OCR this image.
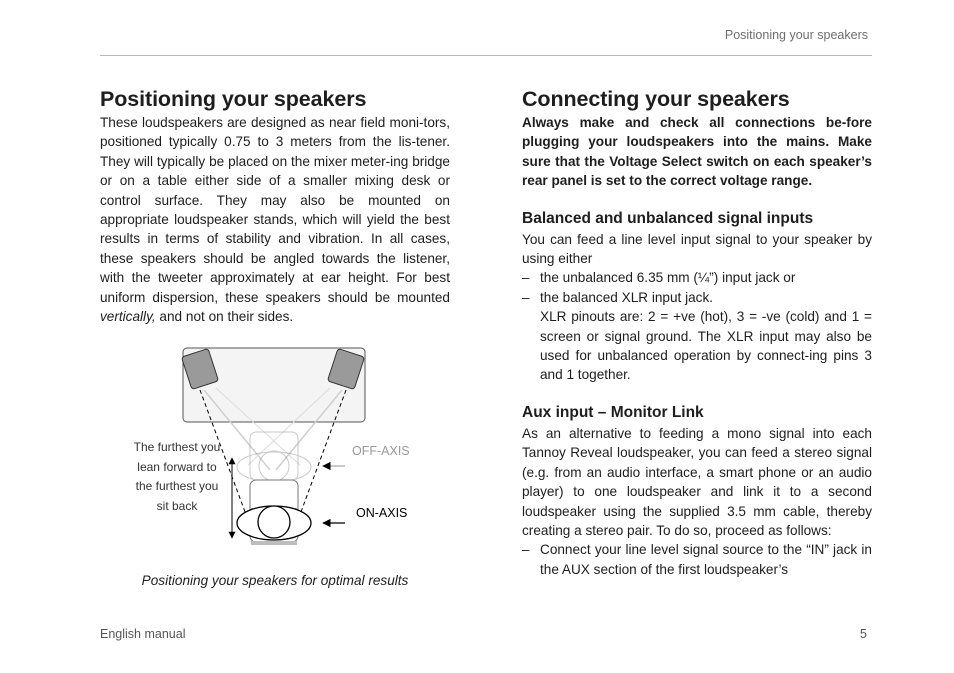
Positioning your speakers
Positioning your speakers

These loudspeakers are designed as near field moni-tors, positioned typically 0.75 to 3 meters from the lis-tener. They will typically be placed on the mixer meter-ing bridge or on a table either side of a smaller mixing desk or control surface. They may also be mounted on appropriate loudspeaker stands, which will yield the best results in terms of stability and vibration. In all cases, these speakers should be angled towards the listener, with the tweeter approximately at ear height. For best uniform dispersion, these speakers should be mounted vertically, and not on their sides.

The furthest you lean forward to the furthest you sit back
OFF-AXIS
ON-AXIS
Positioning your speakers for optimal results
Connecting your speakers

Always make and check all connections be-fore plugging your loudspeakers into the mains. Make sure that the Voltage Select switch on each speaker’s rear panel is set to the correct voltage range.

Balanced and unbalanced signal inputs

You can feed a line level input signal to your speaker by using either

– the unbalanced 6.35 mm (¼”) input jack or
– the balanced XLR input jack.

XLR pinouts are: 2 = +ve (hot), 3 = -ve (cold) and 1 = screen or signal ground. The XLR input may also be used for unbalanced operation by connect-ing pins 3 and 1 together.

Aux input – Monitor Link

As an alternative to feeding a mono signal into each Tannoy Reveal loudspeaker, you can feed a stereo signal (e.g. from an audio interface, a smart phone or an audio player) to one loudspeaker and link it to a second loudspeaker using the supplied 3.5 mm cable, thereby creating a stereo pair. To do so, proceed as follows:

– Connect your line level signal source to the “IN” jack in the AUX section of the first loudspeaker’s
English manual	5
